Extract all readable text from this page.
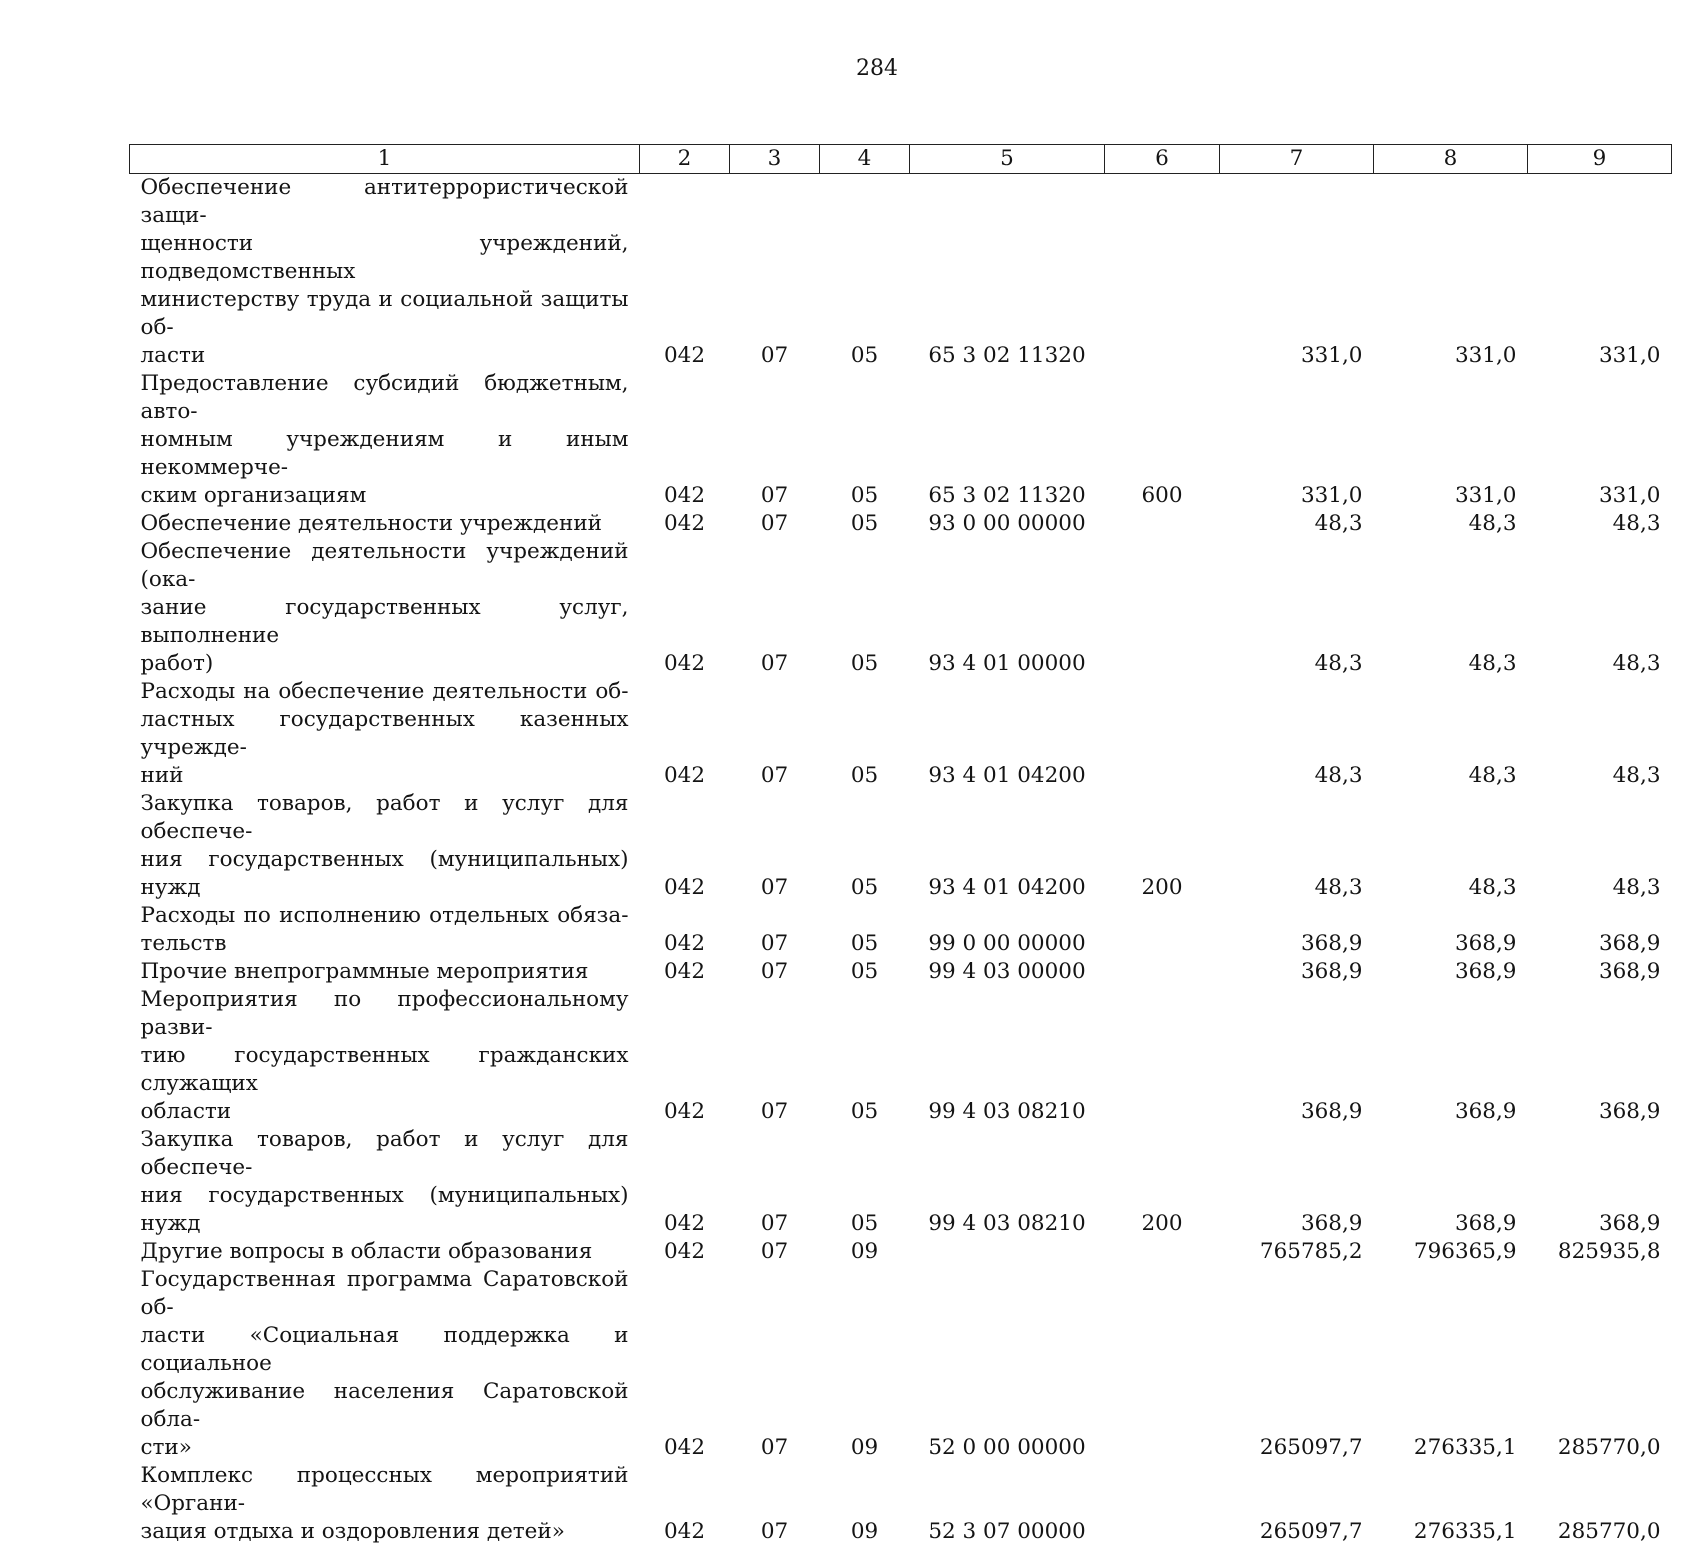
284
1	2	3	4	5	6	7	8	9

Обеспечение антитеррористической защи-
щенности учреждений, подведомственных
министерству труда и социальной защиты об-
ласти	042	07	05	65 3 02 11320		331,0	331,0	331,0

Предоставление субсидий бюджетным, авто-
номным учреждениям и иным некоммерче-
ским организациям	042	07	05	65 3 02 11320	600	331,0	331,0	331,0

Обеспечение деятельности учреждений	042	07	05	93 0 00 00000		48,3	48,3	48,3

Обеспечение деятельности учреждений (ока-
зание государственных услуг, выполнение
работ)	042	07	05	93 4 01 00000		48,3	48,3	48,3

Расходы на обеспечение деятельности об-
ластных государственных казенных учрежде-
ний	042	07	05	93 4 01 04200		48,3	48,3	48,3

Закупка товаров, работ и услуг для обеспече-
ния государственных (муниципальных) нужд	042	07	05	93 4 01 04200	200	48,3	48,3	48,3

Расходы по исполнению отдельных обяза-
тельств	042	07	05	99 0 00 00000		368,9	368,9	368,9

Прочие внепрограммные мероприятия	042	07	05	99 4 03 00000		368,9	368,9	368,9

Мероприятия по профессиональному разви-
тию государственных гражданских служащих
области	042	07	05	99 4 03 08210		368,9	368,9	368,9

Закупка товаров, работ и услуг для обеспече-
ния государственных (муниципальных) нужд	042	07	05	99 4 03 08210	200	368,9	368,9	368,9

Другие вопросы в области образования	042	07	09			765785,2	796365,9	825935,8

Государственная программа Саратовской об-
ласти «Социальная поддержка и социальное
обслуживание населения Саратовской обла-
сти»	042	07	09	52 0 00 00000		265097,7	276335,1	285770,0

Комплекс процессных мероприятий «Органи-
зация отдыха и оздоровления детей»	042	07	09	52 3 07 00000		265097,7	276335,1	285770,0
